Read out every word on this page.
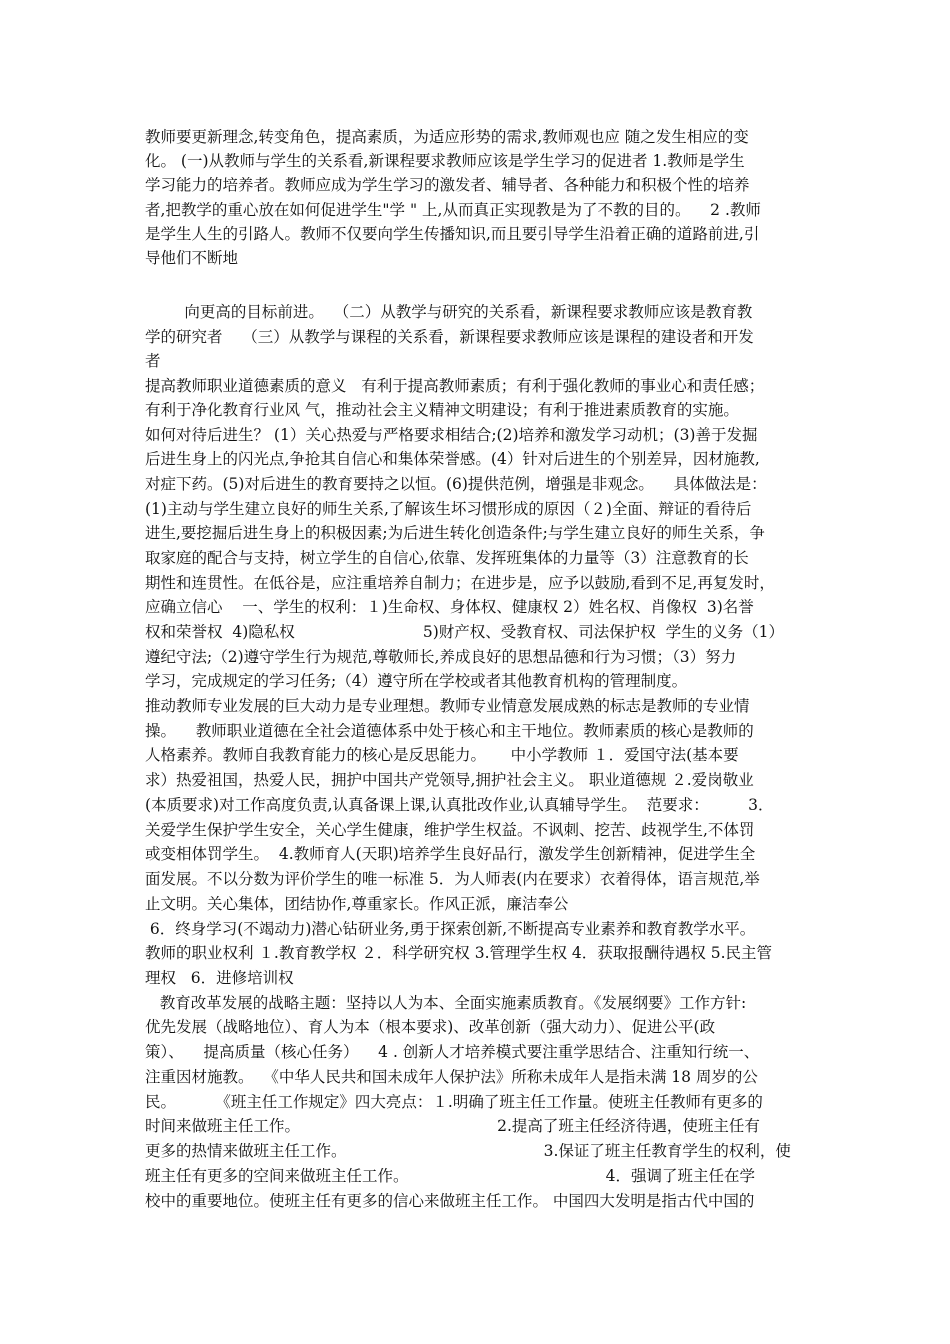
教师要更新理念,转变角色，提高素质，为适应形势的需求,教师观也应 随之发生相应的变
化。 (一)从教师与学生的关系看,新课程要求教师应该是学生学习的促进者 1.教师是学生
学习能力的培养者。教师应成为学生学习的激发者、辅导者、各种能力和积极个性的培养
者,把教学的重心放在如何促进学生"学 " 上,从而真正实现教是为了不教的目的。    2 .教师
是学生人生的引路人。教师不仅要向学生传播知识,而且要引导学生沿着正确的道路前进,引
导他们不断地
向更高的目标前进。  （二）从教学与研究的关系看，新课程要求教师应该是教育教
学的研究者    （三）从教学与课程的关系看，新课程要求教师应该是课程的建设者和开发
者
提高教师职业道德素质的意义   有利于提高教师素质；有利于强化教师的事业心和责任感；
有利于净化教育行业风 气，推动社会主义精神文明建设；有利于推进素质教育的实施。
如何对待后进生？ (1）关心热爱与严格要求相结合;(2)培养和激发学习动机；(3)善于发掘
后进生身上的闪光点,争抢其自信心和集体荣誉感。(4）针对后进生的个别差异，因材施教,
对症下药。(5)对后进生的教育要持之以恒。(6)提供范例，增强是非观念。    具体做法是：
(1)主动与学生建立良好的师生关系,了解该生坏习惯形成的原因（２)全面、辩证的看待后
进生,要挖掘后进生身上的积极因素;为后进生转化创造条件;与学生建立良好的师生关系，争
取家庭的配合与支持，树立学生的自信心,依靠、发挥班集体的力量等（3）注意教育的长
期性和连贯性。在低谷是，应注重培养自制力；在进步是，应予以鼓励,看到不足,再复发时，
应确立信心    一、学生的权利：１)生命权、身体权、健康权 2）姓名权、肖像权  3)名誉
权和荣誉权  4)隐私权                          5)财产权、受教育权、司法保护权  学生的义务（1）
遵纪守法;（2)遵守学生行为规范,尊敬师长,养成良好的思想品德和行为习惯；（3）努力
学习，完成规定的学习任务;（4）遵守所在学校或者其他教育机构的管理制度。
推动教师专业发展的巨大动力是专业理想。教师专业情意发展成熟的标志是教师的专业情
操。    教师职业道德在全社会道德体系中处于核心和主干地位。教师素质的核心是教师的
人格素养。教师自我教育能力的核心是反思能力。     中小学教师 １．爱国守法(基本要
求）热爱祖国，热爱人民，拥护中国共产党领导,拥护社会主义。 职业道德规 ２.爱岗敬业
(本质要求)对工作高度负责,认真备课上课,认真批改作业,认真辅导学生。  范要求：        3．
关爱学生保护学生安全，关心学生健康，维护学生权益。不讽刺、挖苦、歧视学生,不体罚
或变相体罚学生。  4.教师育人(天职)培养学生良好品行，激发学生创新精神，促进学生全
面发展。不以分数为评价学生的唯一标准 5．为人师表(内在要求）衣着得体，语言规范,举
止文明。关心集体，团结协作,尊重家长。作风正派，廉洁奉公
6．终身学习(不竭动力)潜心钻研业务,勇于探索创新,不断提高专业素养和教育教学水平。
教师的职业权利 １.教育教学权 ２．科学研究权 3.管理学生权 4．获取报酬待遇权 5.民主管
理权   6．进修培训权
教育改革发展的战略主题：坚持以人为本、全面实施素质教育。《发展纲要》工作方针:
优先发展（战略地位）、育人为本（根本要求)、改革创新（强大动力）、促进公平(政
策）、    提高质量（核心任务）    4 . 创新人才培养模式要注重学思结合、注重知行统一、
注重因材施教。  《中华人民共和国未成年人保护法》所称未成年人是指未满 18 周岁的公
民。        《班主任工作规定》四大亮点：１.明确了班主任工作量。使班主任教师有更多的
时间来做班主任工作。                                        2.提高了班主任经济待遇，使班主任有
更多的热情来做班主任工作。                                        3.保证了班主任教育学生的权利，使
班主任有更多的空间来做班主任工作。                                        4．强调了班主任在学
校中的重要地位。使班主任有更多的信心来做班主任工作。 中国四大发明是指古代中国的
